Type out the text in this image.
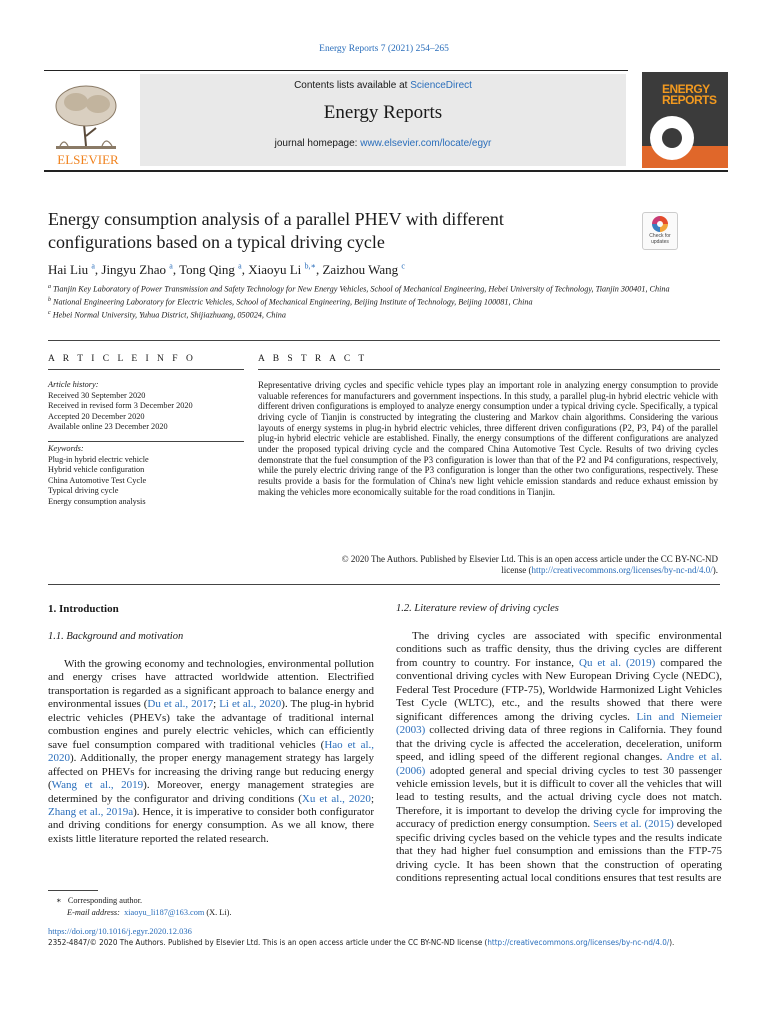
Energy Reports 7 (2021) 254–265
ELSEVIER
Contents lists available at ScienceDirect
Energy Reports
journal homepage: www.elsevier.com/locate/egyr
ENERGY
REPORTS
Energy consumption analysis of a parallel PHEV with different configurations based on a typical driving cycle	Check for
updates
Hai Liu $^a$, Jingyu Zhao $^a$, Tong Qing $^a$, Xiaoyu Li $^{b,∗}$, Zaizhou Wang $^c$
$^a$ Tianjin Key Laboratory of Power Transmission and Safety Technology for New Energy Vehicles, School of Mechanical Engineering, Hebei University of Technology, Tianjin 300401, China
$^b$ National Engineering Laboratory for Electric Vehicles, School of Mechanical Engineering, Beijing Institute of Technology, Beijing 100081, China
$^c$ Hebei Normal University, Yuhua District, Shijiazhuang, 050024, China
A R T I C L E I N F O
Article history:
Received 30 September 2020
Received in revised form 3 December 2020
Accepted 20 December 2020
Available online 23 December 2020
Keywords:
Plug-in hybrid electric vehicle
Hybrid vehicle configuration
China Automotive Test Cycle
Typical driving cycle
Energy consumption analysis
A B S T R A C T

Representative driving cycles and specific vehicle types play an important role in analyzing energy consumption to provide valuable references for manufacturers and government inspections. In this study, a parallel plug-in hybrid electric vehicle with different driven configurations is employed to analyze energy consumption under a typical driving cycle. Specifically, a typical driving cycle of Tianjin is constructed by integrating the clustering and Markov chain algorithms. Considering the various layouts of energy systems in plug-in hybrid electric vehicles, three different driven configurations (P2, P3, P4) of the parallel plug-in hybrid electric vehicle are established. Finally, the energy consumptions of the different configurations are analyzed under the proposed typical driving cycle and the compared China Automotive Test Cycle. Results of two driving cycles demonstrate that the fuel consumption of the P3 configuration is lower than that of the P2 and P4 configurations, respectively, while the purely electric driving range of the P3 configuration is longer than the other two configurations, respectively. These results provide a basis for the formulation of China's new light vehicle emission standards and reduce exhaust emission by making the vehicles more economically suitable for the road conditions in Tianjin.

© 2020 The Authors. Published by Elsevier Ltd. This is an open access article under the CC BY-NC-ND
license (http://creativecommons.org/licenses/by-nc-nd/4.0/).
1. Introduction
1.1. Background and motivation

With the growing economy and technologies, environmental pollution and energy crises have attracted worldwide attention. Electrified transportation is regarded as a significant approach to balance energy and environmental issues (Du et al., 2017; Li et al., 2020). The plug-in hybrid electric vehicles (PHEVs) take the advantage of traditional internal combustion engines and purely electric vehicles, which can efficiently save fuel consumption compared with traditional vehicles (Hao et al., 2020). Additionally, the proper energy management strategy has largely affected on PHEVs for increasing the driving range but reducing energy (Wang et al., 2019). Moreover, energy management strategies are determined by the configurator and driving conditions (Xu et al., 2020; Zhang et al., 2019a). Hence, it is imperative to consider both configurator and driving conditions for energy consumption. As we all know, there exists little literature reported the related research.

1.2. Literature review of driving cycles

The driving cycles are associated with specific environmental conditions such as traffic density, thus the driving cycles are different from country to country. For instance, Qu et al. (2019) compared the conventional driving cycles with New European Driving Cycle (NEDC), Federal Test Procedure (FTP-75), Worldwide Harmonized Light Vehicles Test Cycle (WLTC), etc., and the results showed that there were significant differences among the driving cycles. Lin and Niemeier (2003) collected driving data of three regions in California. They found that the driving cycle is affected the acceleration, deceleration, uniform speed, and idling speed of the different regional changes. Andre et al. (2006) adopted general and special driving cycles to test 30 passenger vehicle emission levels, but it is difficult to cover all the vehicles that will lead to testing results, and the actual driving cycle does not match. Therefore, it is important to develop the driving cycle for improving the accuracy of prediction energy consumption. Seers et al. (2015) developed specific driving cycles based on the vehicle types and the results indicate that they had higher fuel consumption and emissions than the FTP-75 driving cycle. It has been shown that the construction of operating conditions representing actual local conditions ensures that test results are

∗ Corresponding author.
E-mail address: xiaoyu_li187@163.com (X. Li).
https://doi.org/10.1016/j.egyr.2020.12.036
2352-4847/© 2020 The Authors. Published by Elsevier Ltd. This is an open access article under the CC BY-NC-ND license (http://creativecommons.org/licenses/by-nc-nd/4.0/).
